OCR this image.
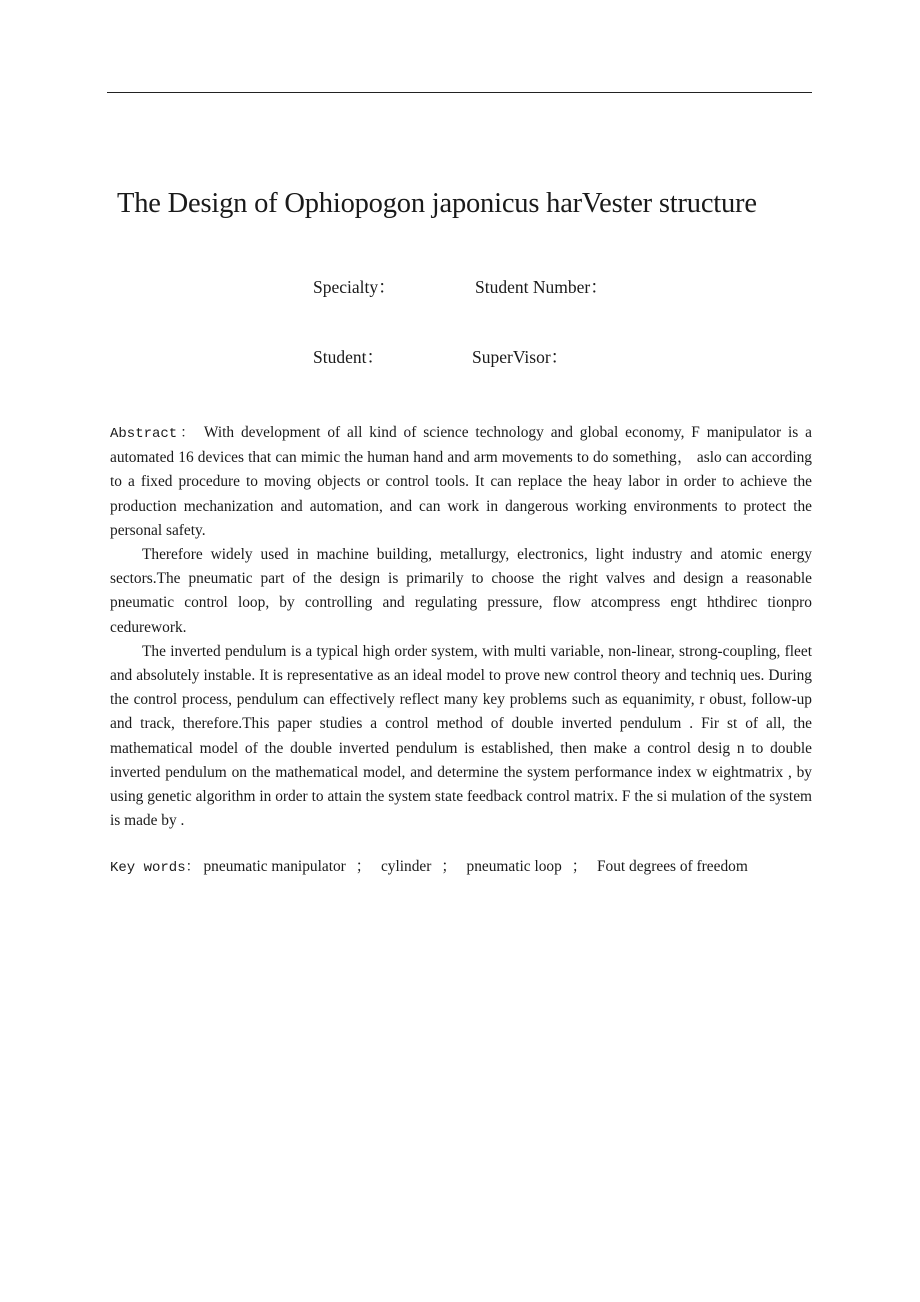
The Design of Ophiopogon japonicus harVester structure
Specialty：	Student Number：
Student：	SuperVisor：

Abstract： With development of all kind of science technology and global economy, F manipulator is a automated 16 devices that can mimic the human hand and arm movements to do something， aslo can according to a fixed procedure to moving objects or control tools. It can replace the heay labor in order to achieve the production mechanization and automation, and can work in dangerous working environments to protect the personal safety.

Therefore widely used in machine building, metallurgy, electronics, light industry and atomic energy sectors.The pneumatic part of the design is primarily to choose the right valves and design a reasonable pneumatic control loop, by controlling and regulating pressure, flow atcompress engt hthdirec tionpro cedurework.

The inverted pendulum is a typical high order system, with multi variable, non-linear, strong-coupling, fleet and absolutely instable. It is representative as an ideal model to prove new control theory and techniq ues. During the control process, pendulum can effectively reflect many key problems such as equanimity, r obust, follow-up and track, therefore.This paper studies a control method of double inverted pendulum . Fir st of all, the mathematical model of the double inverted pendulum is established, then make a control desig n to double inverted pendulum on the mathematical model, and determine the system performance index w eightmatrix , by using genetic algorithm in order to attain the system state feedback control matrix. F the si mulation of the system is made by .

Key words： pneumatic manipulator ； cylinder ； pneumatic loop ； Fout degrees of freedom
